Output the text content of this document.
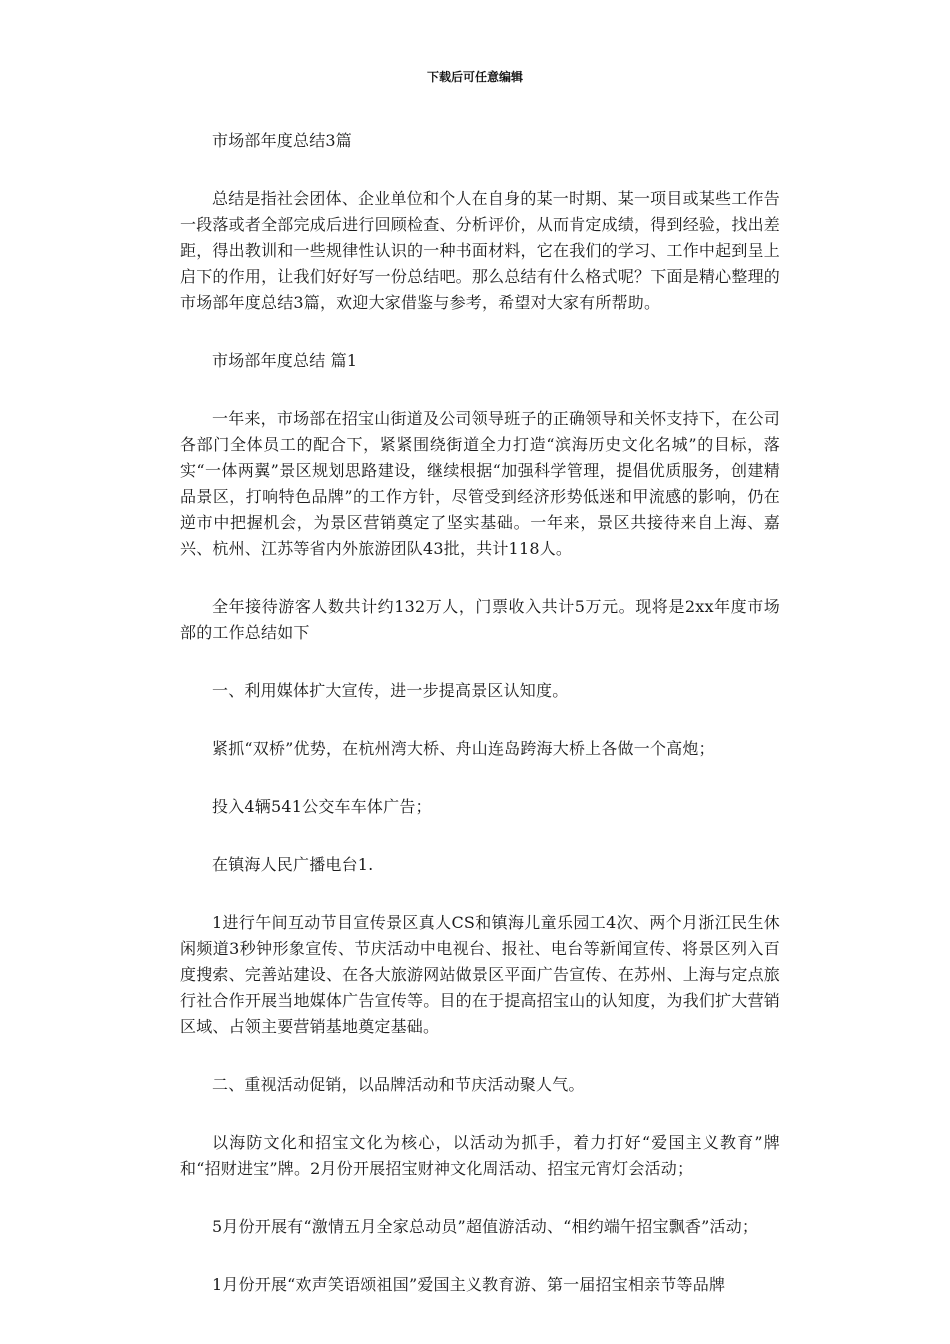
下载后可任意编辑

市场部年度总结3篇

总结是指社会团体、企业单位和个人在自身的某一时期、某一项目或某些工作告一段落或者全部完成后进行回顾检查、分析评价，从而肯定成绩，得到经验，找出差距，得出教训和一些规律性认识的一种书面材料，它在我们的学习、工作中起到呈上启下的作用，让我们好好写一份总结吧。那么总结有什么格式呢？下面是精心整理的市场部年度总结3篇，欢迎大家借鉴与参考，希望对大家有所帮助。

市场部年度总结 篇1

一年来，市场部在招宝山街道及公司领导班子的正确领导和关怀支持下，在公司各部门全体员工的配合下，紧紧围绕街道全力打造“滨海历史文化名城”的目标，落实“一体两翼”景区规划思路建设，继续根据“加强科学管理，提倡优质服务，创建精品景区，打响特色品牌”的工作方针，尽管受到经济形势低迷和甲流感的影响，仍在逆市中把握机会，为景区营销奠定了坚实基础。一年来，景区共接待来自上海、嘉兴、杭州、江苏等省内外旅游团队43批，共计118人。

全年接待游客人数共计约132万人，门票收入共计5万元。现将是2xx年度市场部的工作总结如下

一、利用媒体扩大宣传，进一步提高景区认知度。

紧抓“双桥”优势，在杭州湾大桥、舟山连岛跨海大桥上各做一个高炮；

投入4辆541公交车车体广告；

在镇海人民广播电台1.

1进行午间互动节目宣传景区真人CS和镇海儿童乐园工4次、两个月浙江民生休闲频道3秒钟形象宣传、节庆活动中电视台、报社、电台等新闻宣传、将景区列入百度搜索、完善站建设、在各大旅游网站做景区平面广告宣传、在苏州、上海与定点旅行社合作开展当地媒体广告宣传等。目的在于提高招宝山的认知度，为我们扩大营销区域、占领主要营销基地奠定基础。

二、重视活动促销，以品牌活动和节庆活动聚人气。

以海防文化和招宝文化为核心，以活动为抓手，着力打好“爱国主义教育”牌和“招财进宝”牌。2月份开展招宝财神文化周活动、招宝元宵灯会活动；

5月份开展有“激情五月全家总动员”超值游活动、“相约端午招宝飘香”活动；

1月份开展“欢声笑语颂祖国”爱国主义教育游、第一届招宝相亲节等品牌
